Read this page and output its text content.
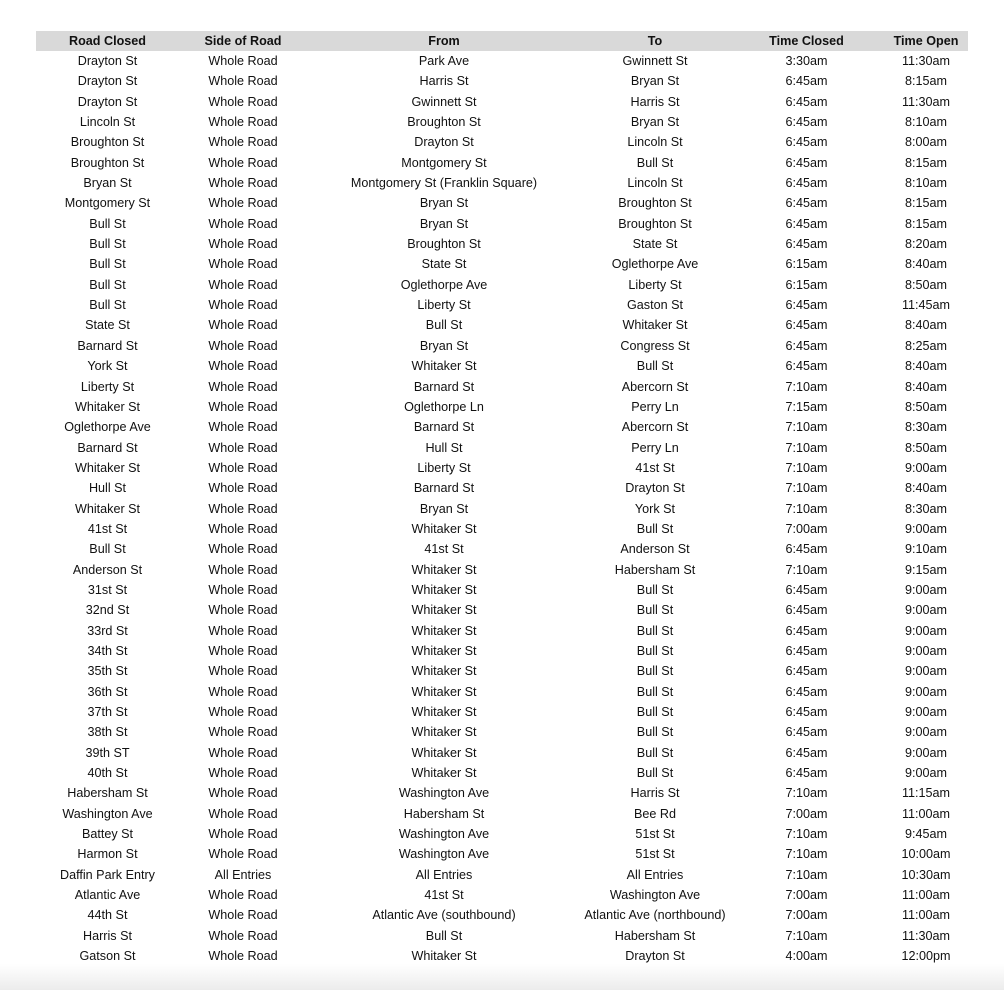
Road Closed	Side of Road	From	To	Time Closed	Time Open
Drayton St	Whole Road	Park Ave	Gwinnett St	3:30am	11:30am
Drayton St	Whole Road	Harris St	Bryan St	6:45am	8:15am
Drayton St	Whole Road	Gwinnett St	Harris St	6:45am	11:30am
Lincoln St	Whole Road	Broughton St	Bryan St	6:45am	8:10am
Broughton St	Whole Road	Drayton St	Lincoln St	6:45am	8:00am
Broughton St	Whole Road	Montgomery St	Bull St	6:45am	8:15am
Bryan St	Whole Road	Montgomery St (Franklin Square)	Lincoln St	6:45am	8:10am
Montgomery St	Whole Road	Bryan St	Broughton St	6:45am	8:15am
Bull St	Whole Road	Bryan St	Broughton St	6:45am	8:15am
Bull St	Whole Road	Broughton St	State St	6:45am	8:20am
Bull St	Whole Road	State St	Oglethorpe Ave	6:15am	8:40am
Bull St	Whole Road	Oglethorpe Ave	Liberty St	6:15am	8:50am
Bull St	Whole Road	Liberty St	Gaston St	6:45am	11:45am
State St	Whole Road	Bull St	Whitaker St	6:45am	8:40am
Barnard St	Whole Road	Bryan St	Congress St	6:45am	8:25am
York St	Whole Road	Whitaker St	Bull St	6:45am	8:40am
Liberty St	Whole Road	Barnard St	Abercorn St	7:10am	8:40am
Whitaker St	Whole Road	Oglethorpe Ln	Perry Ln	7:15am	8:50am
Oglethorpe Ave	Whole Road	Barnard St	Abercorn St	7:10am	8:30am
Barnard St	Whole Road	Hull St	Perry Ln	7:10am	8:50am
Whitaker St	Whole Road	Liberty St	41st St	7:10am	9:00am
Hull St	Whole Road	Barnard St	Drayton St	7:10am	8:40am
Whitaker St	Whole Road	Bryan St	York St	7:10am	8:30am
41st St	Whole Road	Whitaker St	Bull St	7:00am	9:00am
Bull St	Whole Road	41st St	Anderson St	6:45am	9:10am
Anderson St	Whole Road	Whitaker St	Habersham St	7:10am	9:15am
31st St	Whole Road	Whitaker St	Bull St	6:45am	9:00am
32nd St	Whole Road	Whitaker St	Bull St	6:45am	9:00am
33rd St	Whole Road	Whitaker St	Bull St	6:45am	9:00am
34th St	Whole Road	Whitaker St	Bull St	6:45am	9:00am
35th St	Whole Road	Whitaker St	Bull St	6:45am	9:00am
36th St	Whole Road	Whitaker St	Bull St	6:45am	9:00am
37th St	Whole Road	Whitaker St	Bull St	6:45am	9:00am
38th St	Whole Road	Whitaker St	Bull St	6:45am	9:00am
39th ST	Whole Road	Whitaker St	Bull St	6:45am	9:00am
40th St	Whole Road	Whitaker St	Bull St	6:45am	9:00am
Habersham St	Whole Road	Washington Ave	Harris St	7:10am	11:15am
Washington Ave	Whole Road	Habersham St	Bee Rd	7:00am	11:00am
Battey St	Whole Road	Washington Ave	51st St	7:10am	9:45am
Harmon St	Whole Road	Washington Ave	51st St	7:10am	10:00am
Daffin Park Entry	All Entries	All Entries	All Entries	7:10am	10:30am
Atlantic Ave	Whole Road	41st St	Washington Ave	7:00am	11:00am
44th St	Whole Road	Atlantic Ave (southbound)	Atlantic Ave (northbound)	7:00am	11:00am
Harris St	Whole Road	Bull St	Habersham St	7:10am	11:30am
Gatson St	Whole Road	Whitaker St	Drayton St	4:00am	12:00pm
